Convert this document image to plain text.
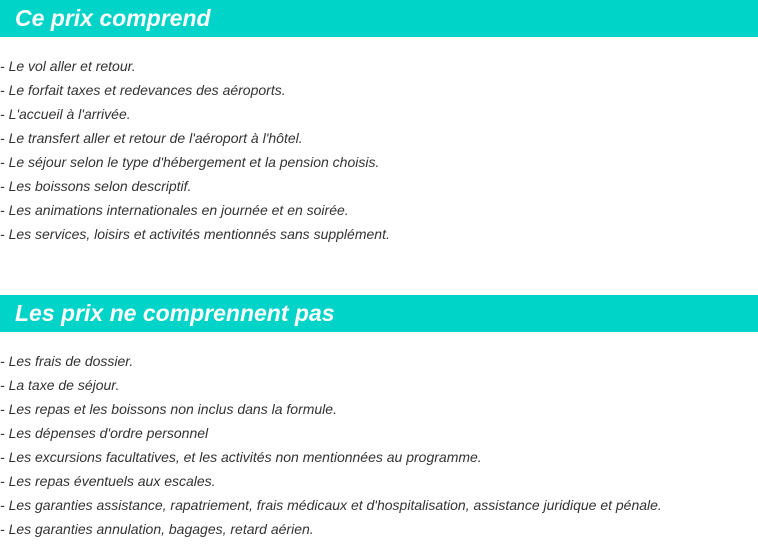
Ce prix comprend
- Le vol aller et retour.
- Le forfait taxes et redevances des aéroports.
- L'accueil à l'arrivée.
- Le transfert aller et retour de l'aéroport à l'hôtel.
- Le séjour selon le type d'hébergement et la pension choisis.
- Les boissons selon descriptif.
- Les animations internationales en journée et en soirée.
- Les services, loisirs et activités mentionnés sans supplément.
Les prix ne comprennent pas
- Les frais de dossier.
- La taxe de séjour.
- Les repas et les boissons non inclus dans la formule.
- Les dépenses d'ordre personnel
- Les excursions facultatives, et les activités non mentionnées au programme.
- Les repas éventuels aux escales.
- Les garanties assistance, rapatriement, frais médicaux et d'hospitalisation, assistance juridique et pénale.
- Les garanties annulation, bagages, retard aérien.
